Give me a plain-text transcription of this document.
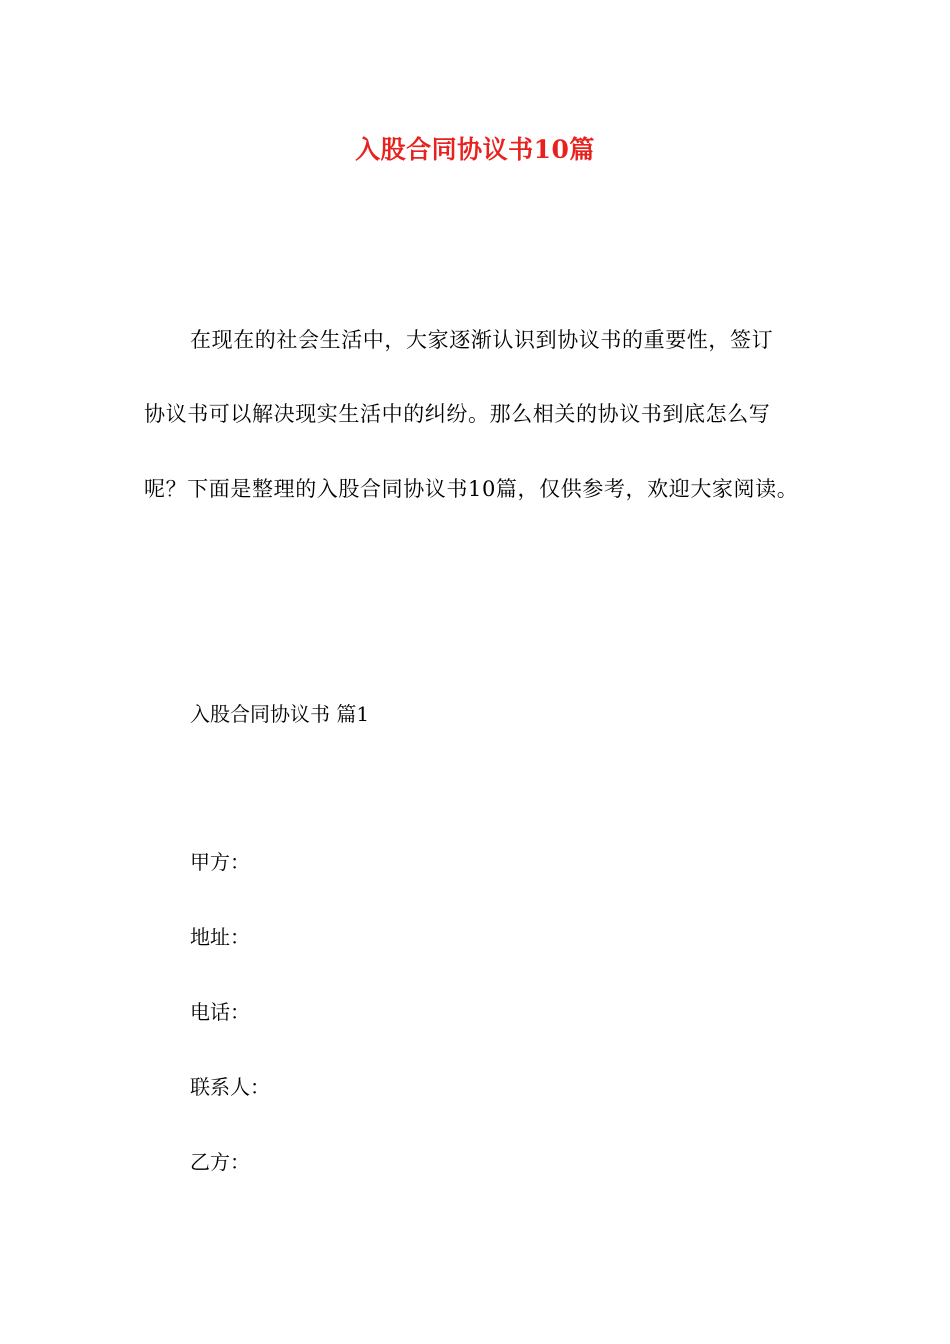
入股合同协议书10篇
在现在的社会生活中，大家逐渐认识到协议书的重要性，签订
协议书可以解决现实生活中的纠纷。那么相关的协议书到底怎么写
呢？下面是整理的入股合同协议书10篇，仅供参考，欢迎大家阅读。
入股合同协议书 篇1
甲方：
地址：
电话：
联系人：
乙方：
